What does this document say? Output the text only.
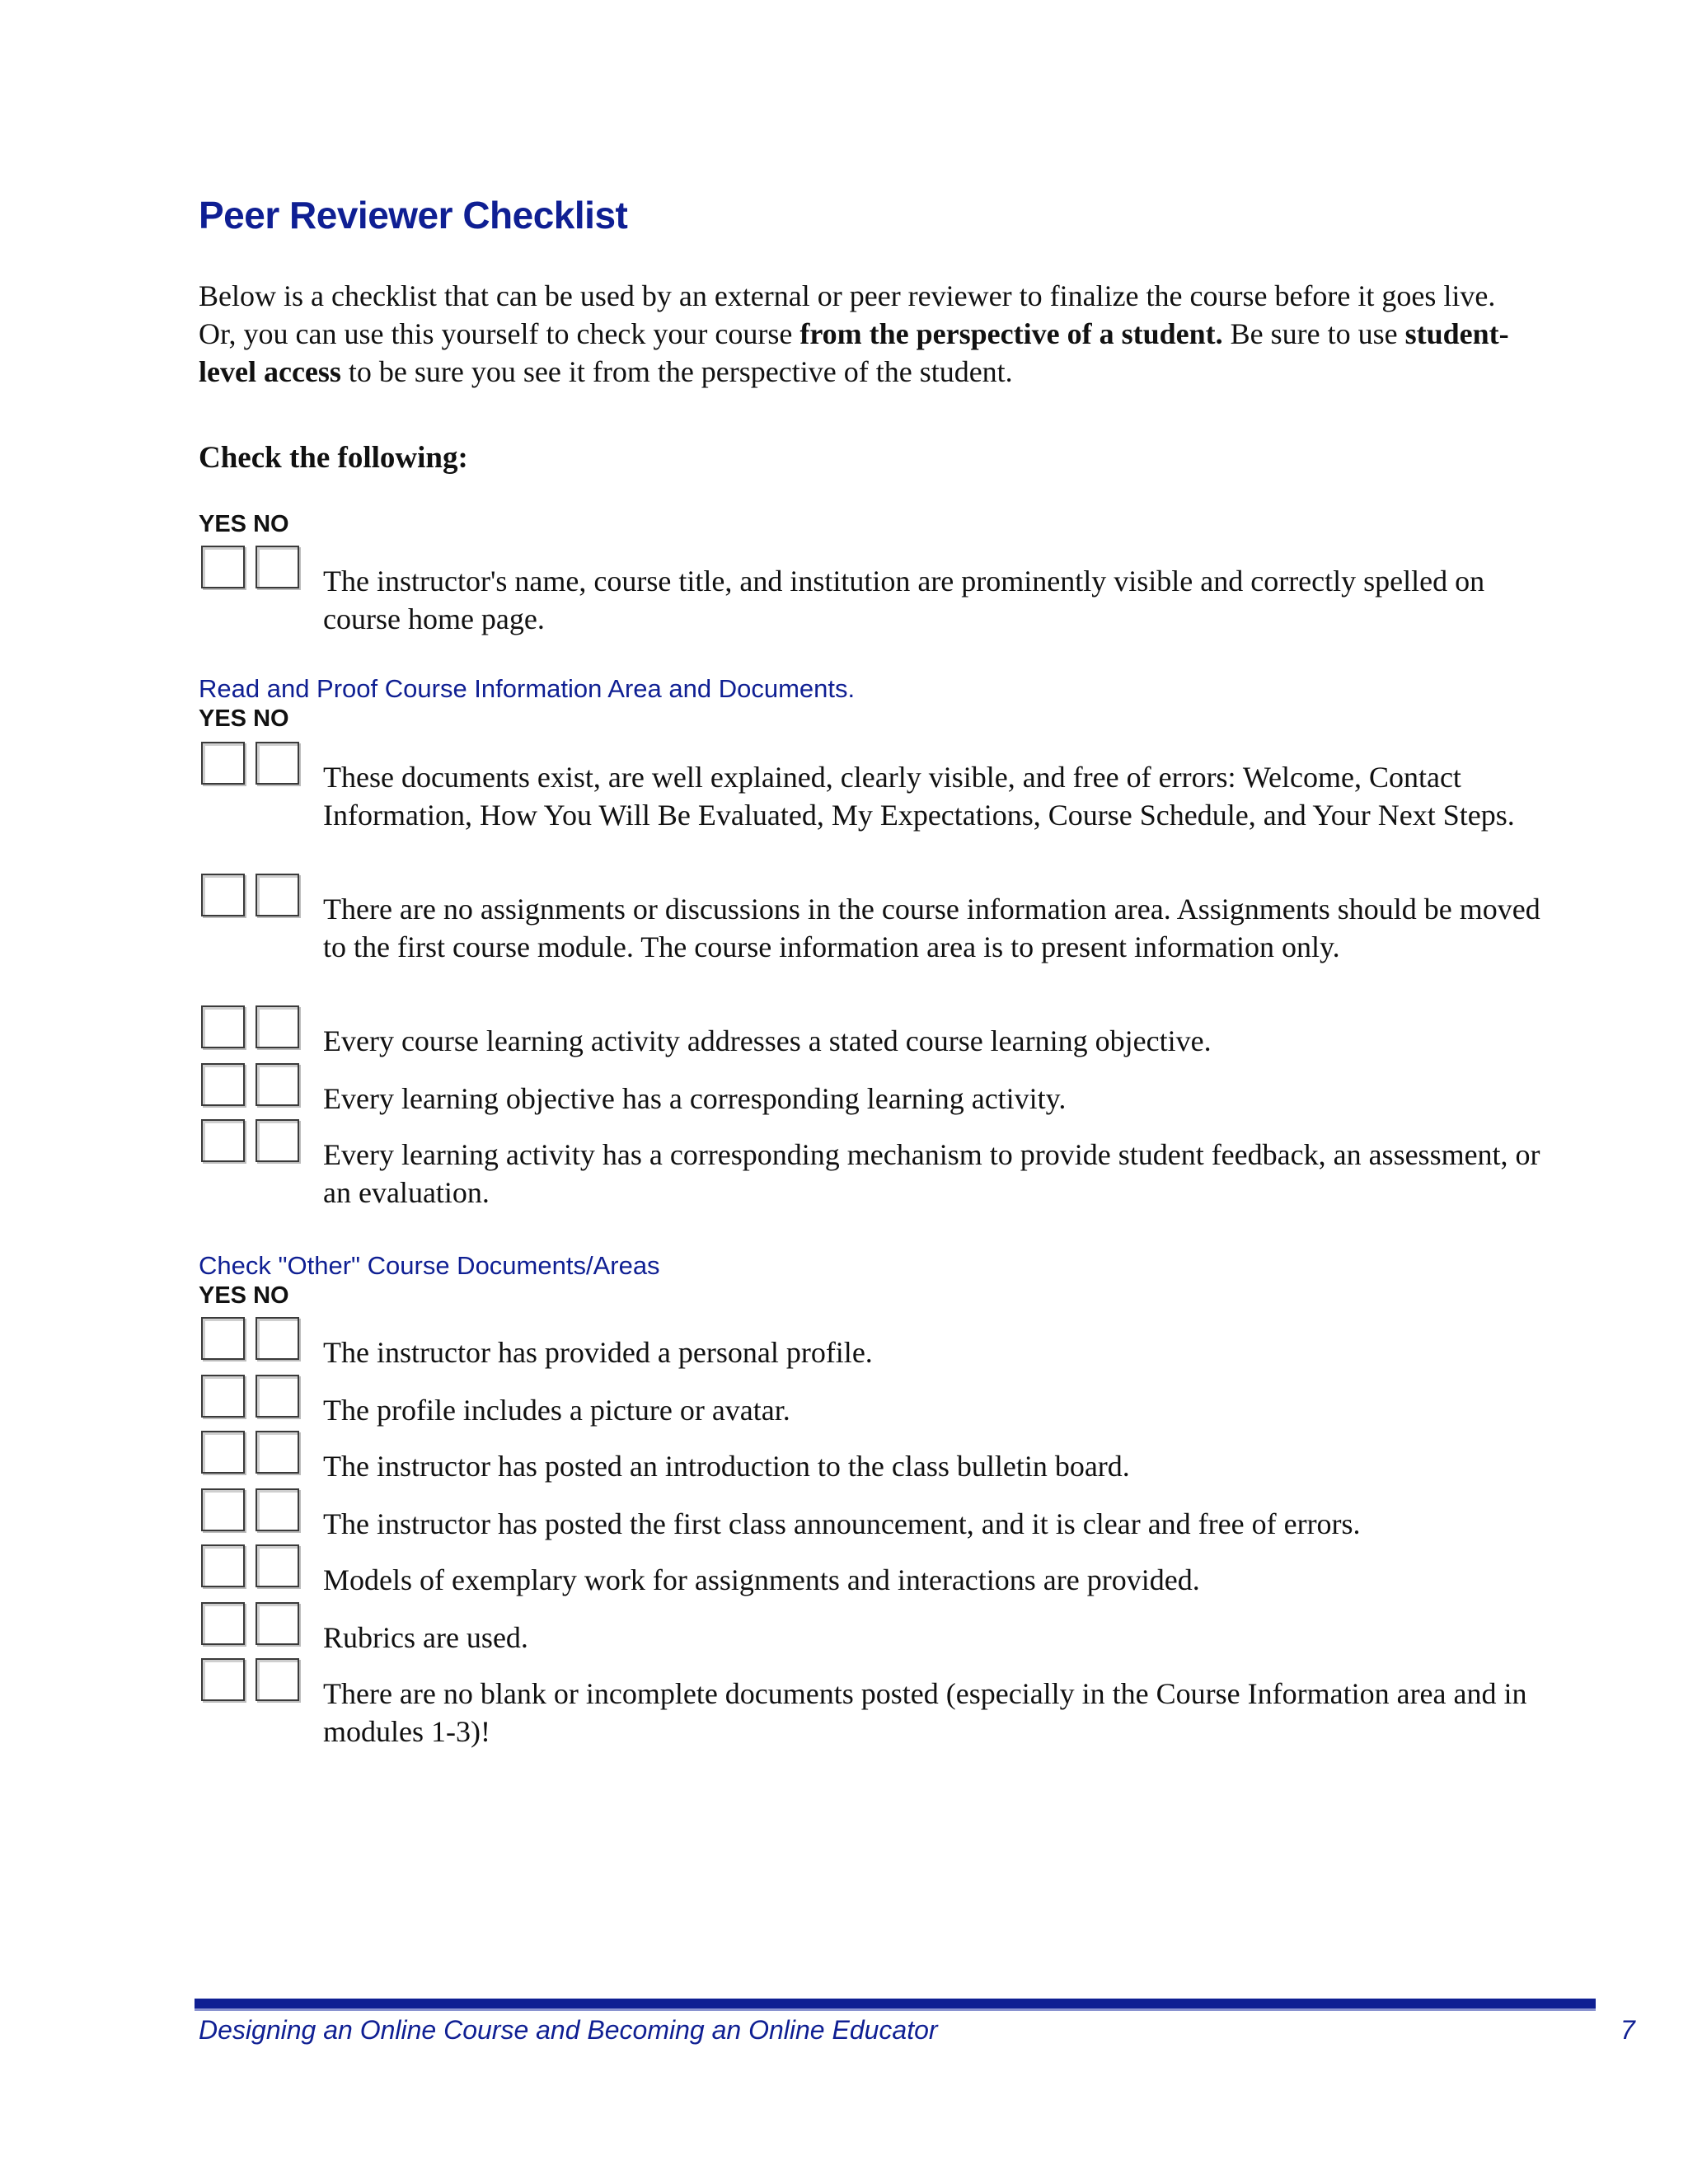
Peer Reviewer Checklist

Below is a checklist that can be used by an external or peer reviewer to finalize the course before it goes live. Or, you can use this yourself to check your course from the perspective of a student. Be sure to use student-level access to be sure you see it from the perspective of the student.

Check the following:

YES NO
The instructor's name, course title, and institution are prominently visible and correctly spelled on course home page.
Read and Proof Course Information Area and Documents.
YES NO
These documents exist, are well explained, clearly visible, and free of errors: Welcome, Contact Information, How You Will Be Evaluated, My Expectations, Course Schedule, and Your Next Steps.
There are no assignments or discussions in the course information area. Assignments should be moved to the first course module. The course information area is to present information only.
Every course learning activity addresses a stated course learning objective.
Every learning objective has a corresponding learning activity.
Every learning activity has a corresponding mechanism to provide student feedback, an assessment, or an evaluation.
Check "Other" Course Documents/Areas
YES NO
The instructor has provided a personal profile.
The profile includes a picture or avatar.
The instructor has posted an introduction to the class bulletin board.
The instructor has posted the first class announcement, and it is clear and free of errors.
Models of exemplary work for assignments and interactions are provided.
Rubrics are used.
There are no blank or incomplete documents posted (especially in the Course Information area and in modules 1-3)!
Designing an Online Course and Becoming an Online Educator	7
